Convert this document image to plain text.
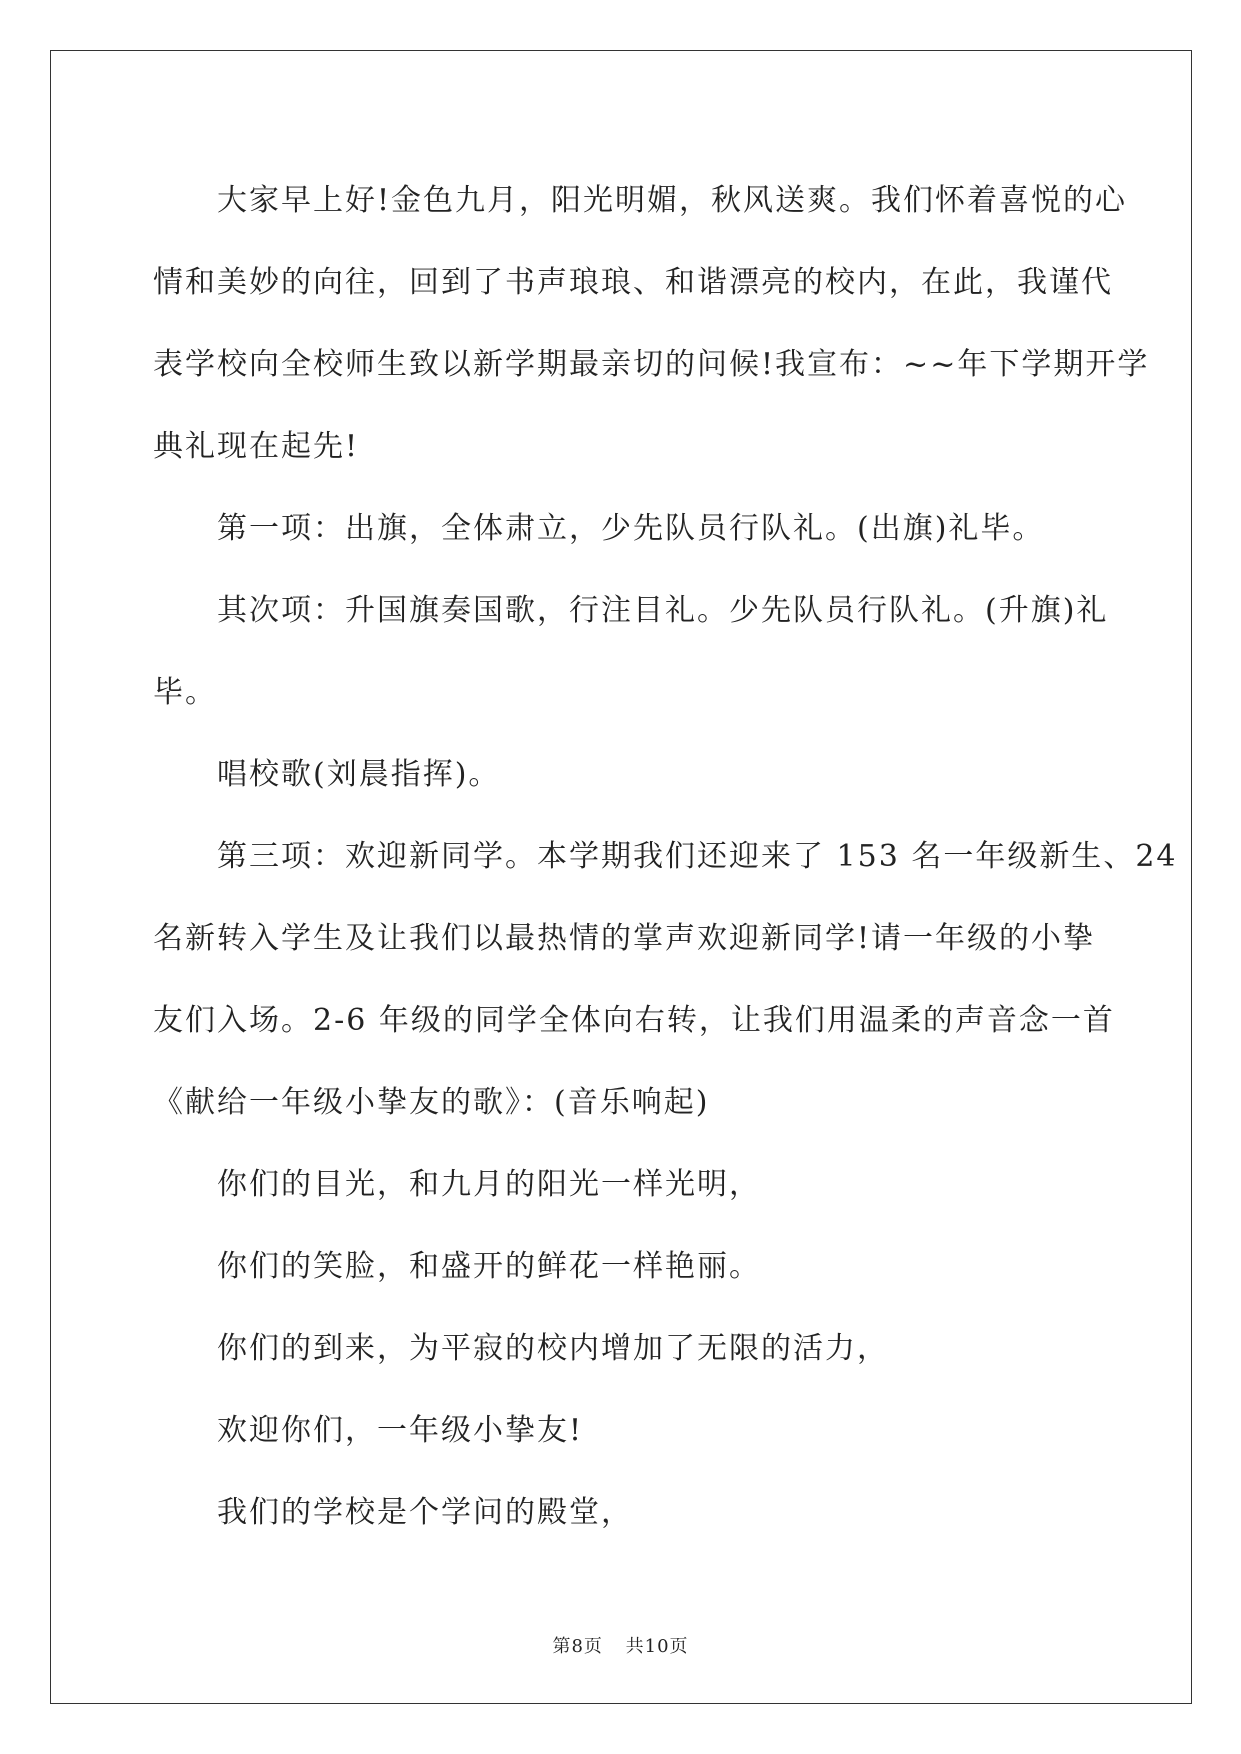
大家早上好!金色九月，阳光明媚，秋风送爽。我们怀着喜悦的心

情和美妙的向往，回到了书声琅琅、和谐漂亮的校内，在此，我谨代

表学校向全校师生致以新学期最亲切的问候!我宣布：~~年下学期开学

典礼现在起先!

第一项：出旗，全体肃立，少先队员行队礼。(出旗)礼毕。

其次项：升国旗奏国歌，行注目礼。少先队员行队礼。(升旗)礼

毕。

唱校歌(刘晨指挥)。

第三项：欢迎新同学。本学期我们还迎来了 153 名一年级新生、24

名新转入学生及让我们以最热情的掌声欢迎新同学!请一年级的小挚

友们入场。2-6 年级的同学全体向右转，让我们用温柔的声音念一首

《献给一年级小挚友的歌》：(音乐响起)

你们的目光，和九月的阳光一样光明，

你们的笑脸，和盛开的鲜花一样艳丽。

你们的到来，为平寂的校内增加了无限的活力，

欢迎你们，一年级小挚友!

我们的学校是个学问的殿堂，

第8页 共10页
